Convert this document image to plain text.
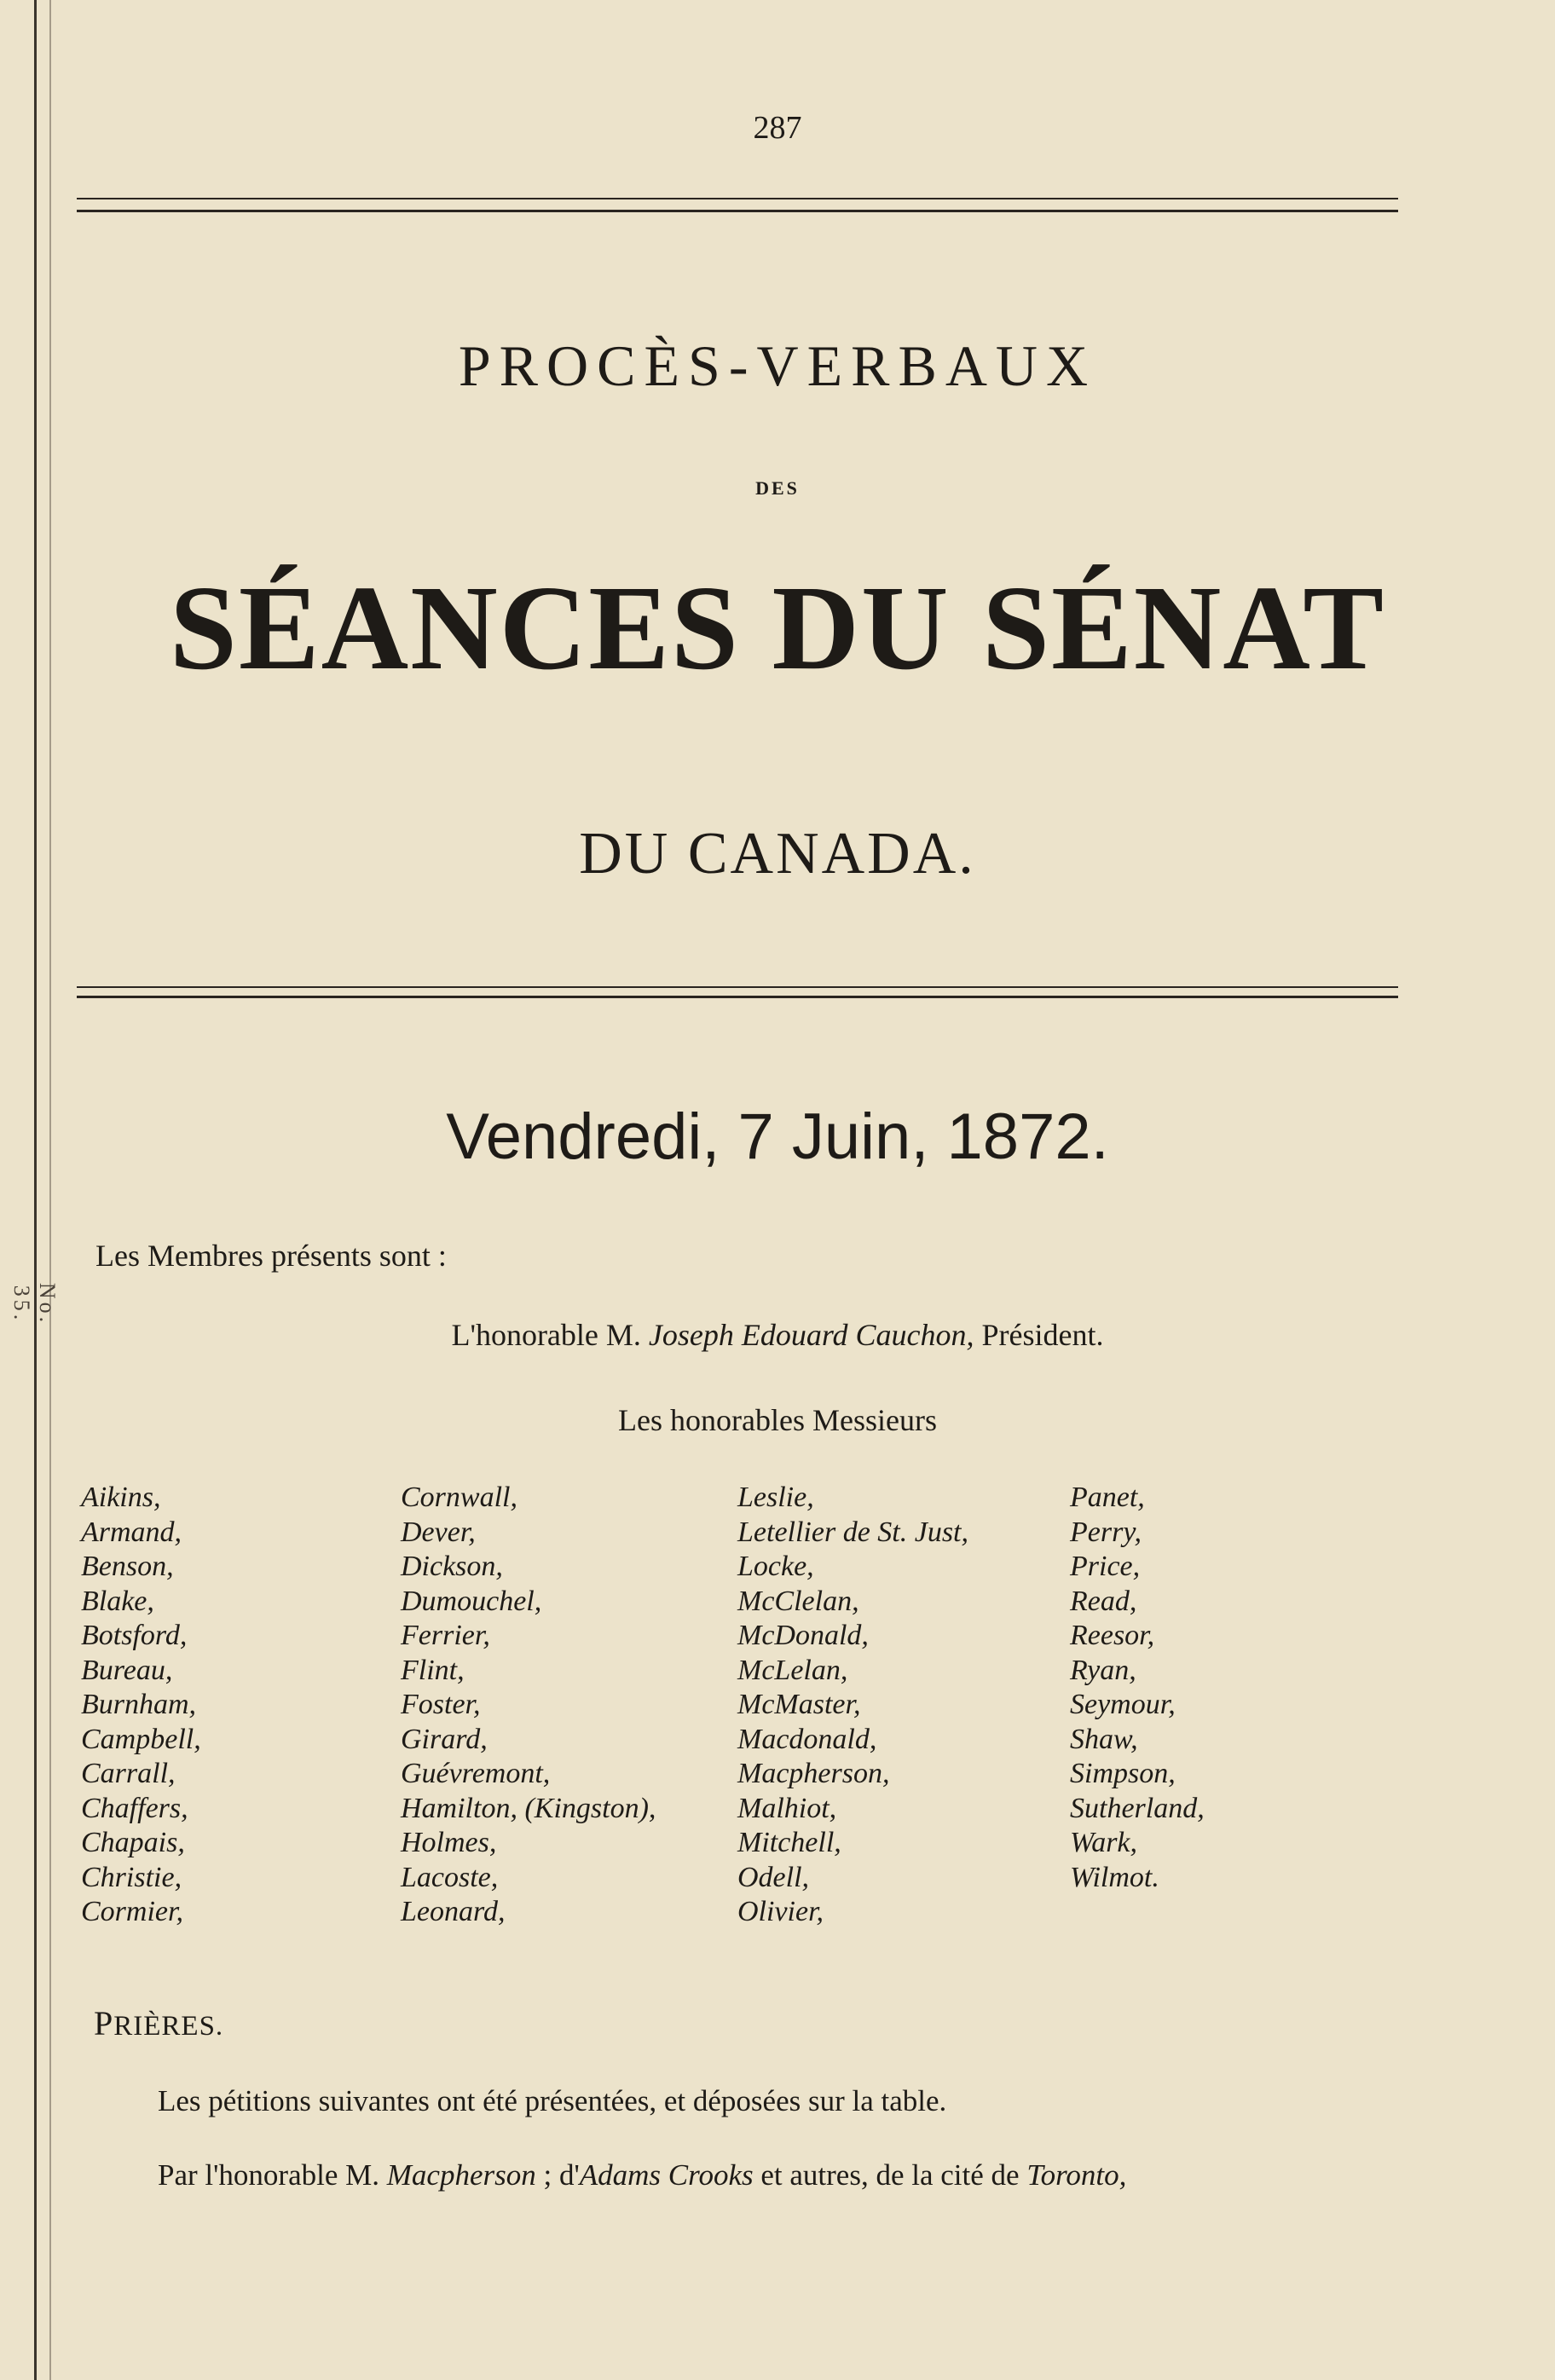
No. 35.
287
PROCÈS-VERBAUX
DES
SÉANCES DU SÉNAT
DU CANADA.
Vendredi, 7 Juin, 1872.
Les Membres présents sont :
L'honorable M. Joseph Edouard Cauchon, Président.
Les honorables Messieurs
Aikins,
Armand,
Benson,
Blake,
Botsford,
Bureau,
Burnham,
Campbell,
Carrall,
Chaffers,
Chapais,
Christie,
Cormier,
Cornwall,
Dever,
Dickson,
Dumouchel,
Ferrier,
Flint,
Foster,
Girard,
Guévremont,
Hamilton, (Kingston),
Holmes,
Lacoste,
Leonard,
Leslie,
Letellier de St. Just,
Locke,
McClelan,
McDonald,
McLelan,
McMaster,
Macdonald,
Macpherson,
Malhiot,
Mitchell,
Odell,
Olivier,
Panet,
Perry,
Price,
Read,
Reesor,
Ryan,
Seymour,
Shaw,
Simpson,
Sutherland,
Wark,
Wilmot.
PRIÈRES.
Les pétitions suivantes ont été présentées, et déposées sur la table.
Par l'honorable M. Macpherson ; d'Adams Crooks et autres, de la cité de Toronto,
